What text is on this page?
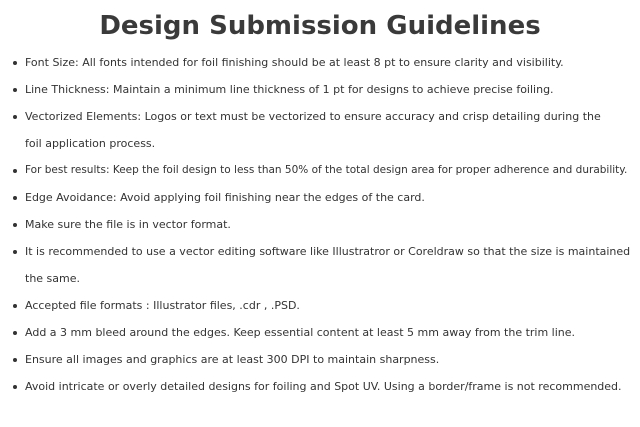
Design Submission Guidelines
Font Size: All fonts intended for foil finishing should be at least 8 pt to ensure clarity and visibility.
Line Thickness: Maintain a minimum line thickness of 1 pt for designs to achieve precise foiling.
Vectorized Elements: Logos or text must be vectorized to ensure accuracy and crisp detailing during the
foil application process.
For best results: Keep the foil design to less than 50% of the total design area for proper adherence and durability.
Edge Avoidance: Avoid applying foil finishing near the edges of the card.
Make sure the file is in vector format.
It is recommended to use a vector editing software like Illustratror or Coreldraw so that the size is maintained
the same.
Accepted file formats : Illustrator files, .cdr , .PSD.
Add a 3 mm bleed around the edges. Keep essential content at least 5 mm away from the trim line.
Ensure all images and graphics are at least 300 DPI to maintain sharpness.
Avoid intricate or overly detailed designs for foiling and Spot UV. Using a border/frame is not recommended.
